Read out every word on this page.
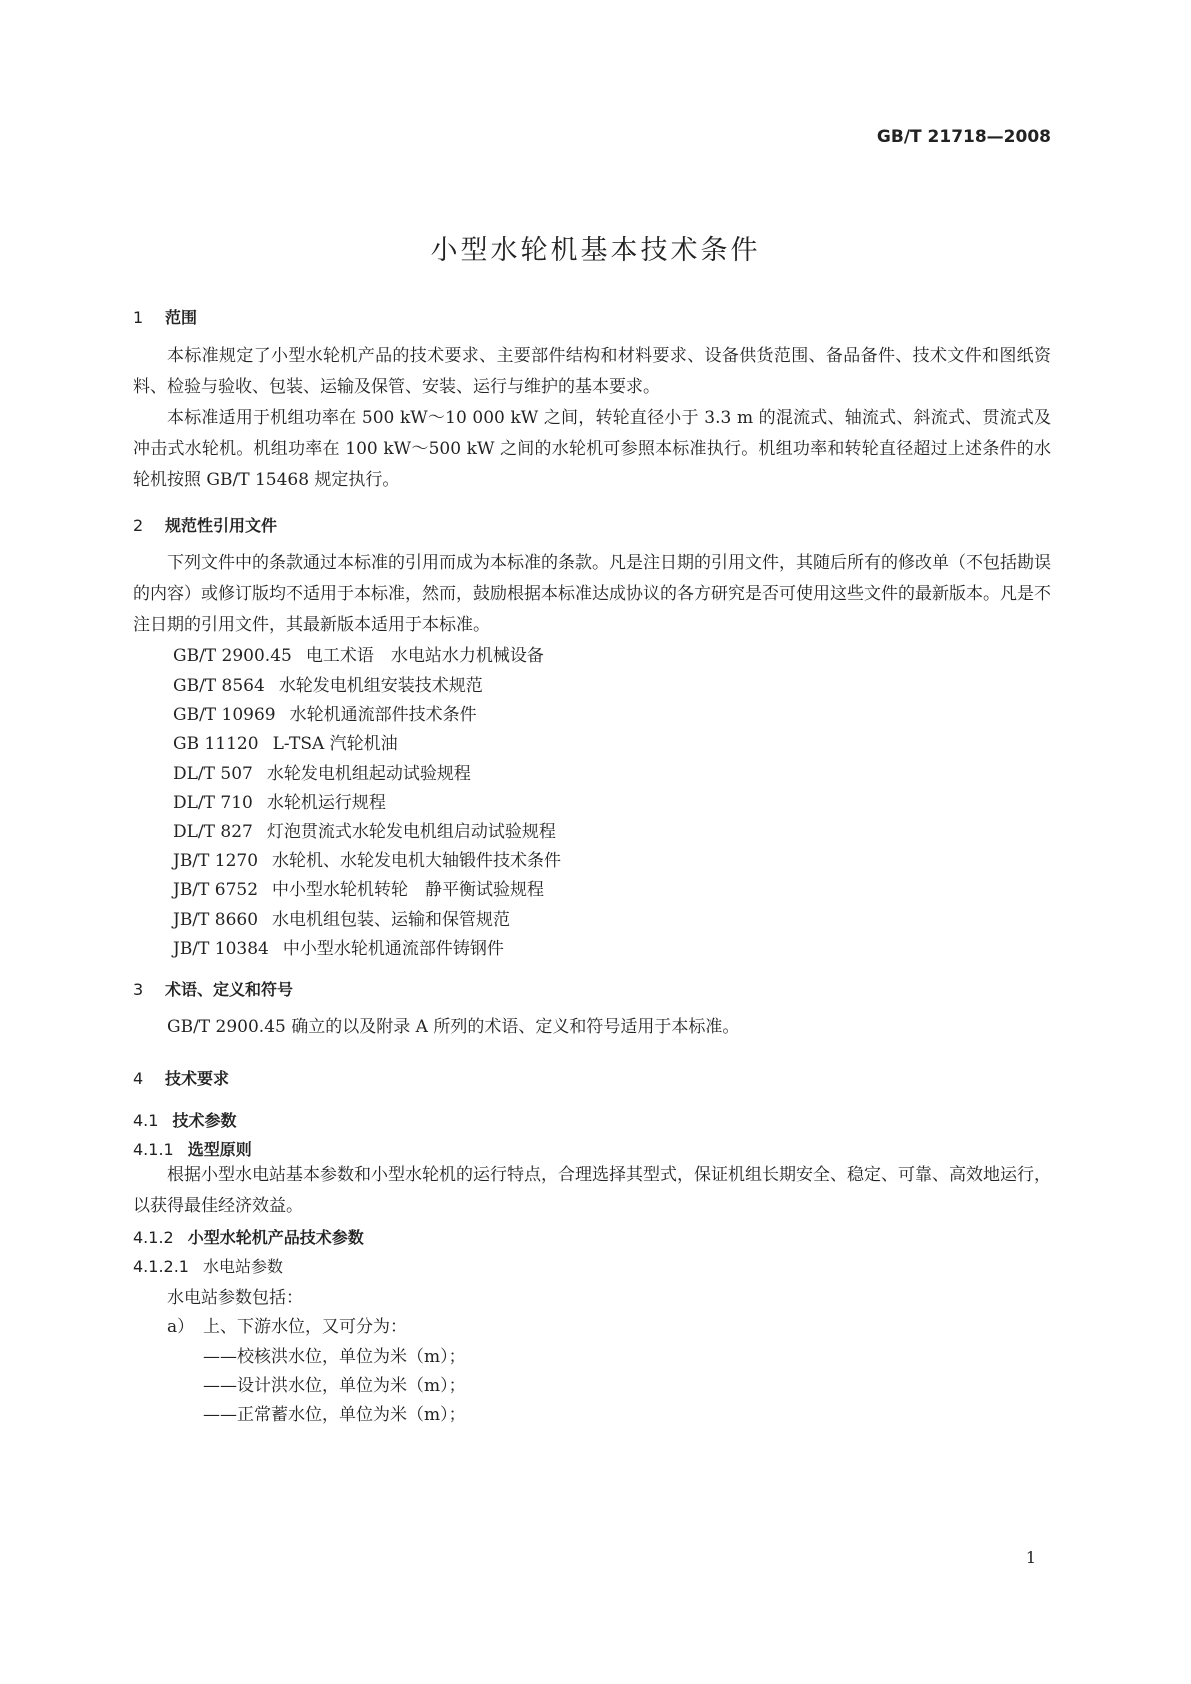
GB/T 21718—2008
小型水轮机基本技术条件
1 范围
本标准规定了小型水轮机产品的技术要求、主要部件结构和材料要求、设备供货范围、备品备件、技术文件和图纸资料、检验与验收、包装、运输及保管、安装、运行与维护的基本要求。
本标准适用于机组功率在 500 kW～10 000 kW 之间，转轮直径小于 3.3 m 的混流式、轴流式、斜流式、贯流式及冲击式水轮机。机组功率在 100 kW～500 kW 之间的水轮机可参照本标准执行。机组功率和转轮直径超过上述条件的水轮机按照 GB/T 15468 规定执行。
2 规范性引用文件
下列文件中的条款通过本标准的引用而成为本标准的条款。凡是注日期的引用文件，其随后所有的修改单（不包括勘误的内容）或修订版均不适用于本标准，然而，鼓励根据本标准达成协议的各方研究是否可使用这些文件的最新版本。凡是不注日期的引用文件，其最新版本适用于本标准。
GB/T 2900.45 电工术语　水电站水力机械设备
GB/T 8564 水轮发电机组安装技术规范
GB/T 10969 水轮机通流部件技术条件
GB 11120 L-TSA 汽轮机油
DL/T 507 水轮发电机组起动试验规程
DL/T 710 水轮机运行规程
DL/T 827 灯泡贯流式水轮发电机组启动试验规程
JB/T 1270 水轮机、水轮发电机大轴锻件技术条件
JB/T 6752 中小型水轮机转轮　静平衡试验规程
JB/T 8660 水电机组包装、运输和保管规范
JB/T 10384 中小型水轮机通流部件铸钢件
3 术语、定义和符号
GB/T 2900.45 确立的以及附录 A 所列的术语、定义和符号适用于本标准。
4 技术要求
4.1 技术参数
4.1.1 选型原则
根据小型水电站基本参数和小型水轮机的运行特点，合理选择其型式，保证机组长期安全、稳定、可靠、高效地运行，以获得最佳经济效益。
4.1.2 小型水轮机产品技术参数
4.1.2.1 水电站参数
水电站参数包括：
a） 上、下游水位，又可分为：
——校核洪水位，单位为米（m）；
——设计洪水位，单位为米（m）；
——正常蓄水位，单位为米（m）；
1
